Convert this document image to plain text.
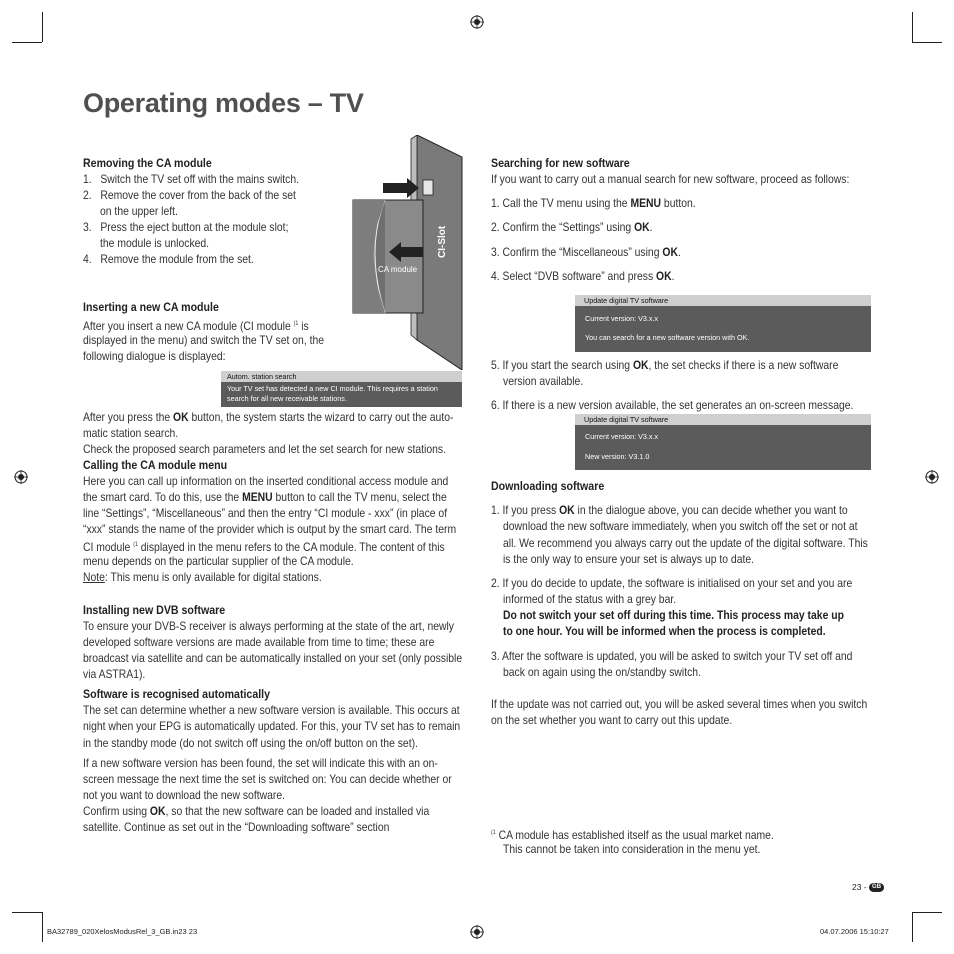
Operating modes – TV
Removing the CA module
1. Switch the TV set off with the mains switch.
2. Remove the cover from the back of the set
on the upper left.
3. Press the eject button at the module slot;
the module is unlocked.
4. Remove the module from the set.
CA module
CI-Slot
Inserting a new CA module
After you insert a new CA module (CI module $^{(1}$ is
displayed in the menu) and switch the TV set on, the
following dialogue is displayed:
Autom. station search
Your TV set has detected a new CI module. This requires a station
search for all new receivable stations.
After you press the OK button, the system starts the wizard to carry out the auto-
matic station search.
Check the proposed search parameters and let the set search for new stations.
Calling the CA module menu
Here you can call up information on the inserted conditional access module and
the smart card. To do this, use the MENU button to call the TV menu, select the
line “Settings”, “Miscellaneous” and then the entry “CI module - xxx” (in place of
“xxx” stands the name of the provider which is output by the smart card. The term
CI module $^{(1}$ displayed in the menu refers to the CA module. The content of this
menu depends on the particular supplier of the CA module.
Note: This menu is only available for digital stations.
Installing new DVB software
To ensure your DVB-S receiver is always performing at the state of the art, newly
developed software versions are made available from time to time; these are
broadcast via satellite and can be automatically installed on your set (only possible
via ASTRA1).
Software is recognised automatically
The set can determine whether a new software version is available. This occurs at
night when your EPG is automatically updated. For this, your TV set has to remain
in the standby mode (do not switch off using the on/off button on the set).
If a new software version has been found, the set will indicate this with an on-
screen message the next time the set is switched on: You can decide whether or
not you want to download the new software.
Confirm using OK, so that the new software can be loaded and installed via
satellite. Continue as set out in the “Downloading software” section
Searching for new software
If you want to carry out a manual search for new software, proceed as follows:
1. Call the TV menu using the MENU button.
2. Confirm the “Settings” using OK.
3. Confirm the “Miscellaneous” using OK.
4. Select “DVB software” and press OK.
Update digital TV software
Current version: V3.x.x
You can search for a new software version with OK.
5. If you start the search using OK, the set checks if there is a new software
version available.
6. If there is a new version available, the set generates an on-screen message.
Update digital TV software
Current version: V3.x.x
New version: V3.1.0
Downloading software
1. If you press OK in the dialogue above, you can decide whether you want to
download the new software immediately, when you switch off the set or not at
all. We recommend you always carry out the update of the digital software. This
is the only way to ensure your set is always up to date.
2. If you do decide to update, the software is initialised on your set and you are
informed of the status with a grey bar.
Do not switch your set off during this time. This process may take up
to one hour. You will be informed when the process is completed.
3. After the software is updated, you will be asked to switch your TV set off and
back on again using the on/standby switch.
If the update was not carried out, you will be asked several times when you switch
on the set whether you want to carry out this update.
$^{(1}$ CA module has established itself as the usual market name.
This cannot be taken into consideration in the menu yet.
23 - GB
BA32789_020XelosModusRel_3_GB.in23 23	04.07.2006 15:10:27
